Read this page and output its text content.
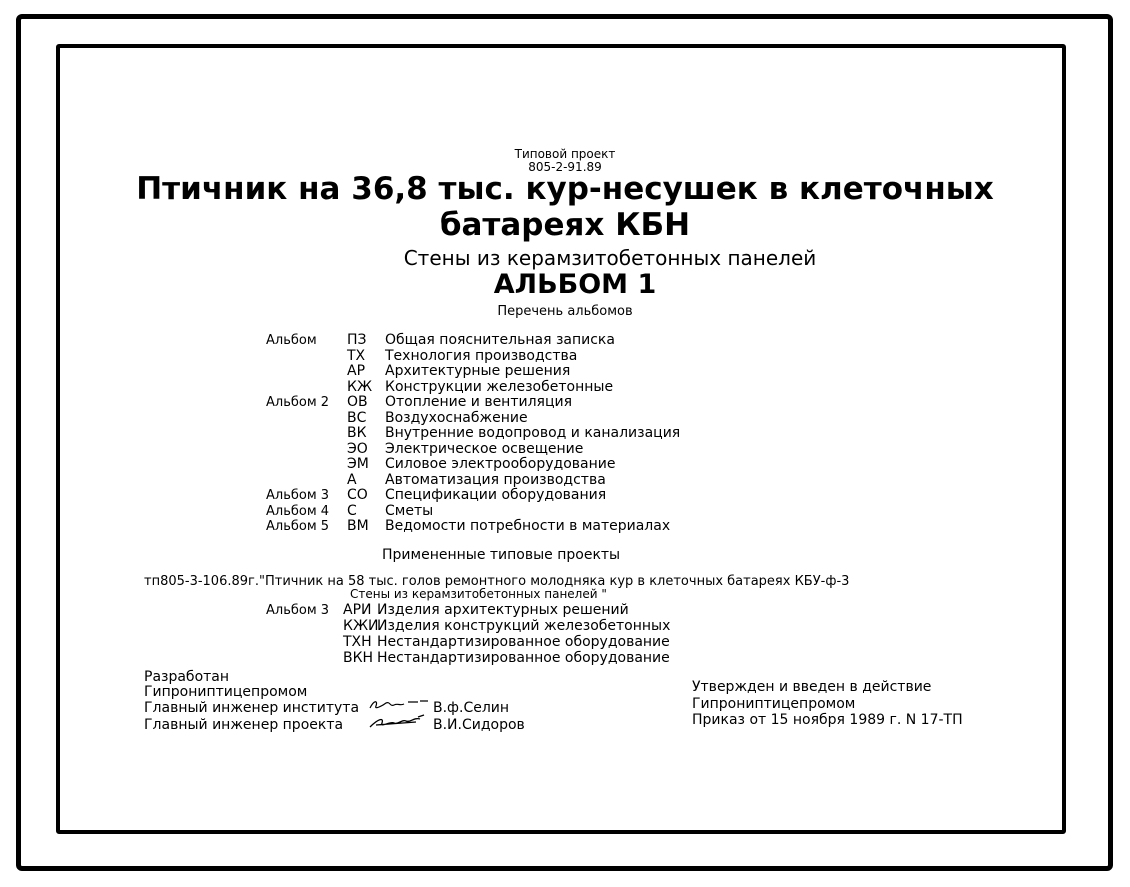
Типовой проект
805-2-91.89
Птичник на 36,8 тыс. кур-несушек в клеточных
батареях КБН
Стены из керамзитобетонных панелей
АЛЬБОМ 1
Перечень альбомов
Альбом ПЗ Общая пояснительная записка
ТХ Технология производства
АР Архитектурные решения
КЖ Конструкции железобетонные
Альбом 2 ОВ Отопление и вентиляция
ВС Воздухоснабжение
ВК Внутренние водопровод и канализация
ЭО Электрическое освещение
ЭМ Силовое электрооборудование
А Автоматизация производства
Альбом 3 СО Спецификации оборудования
Альбом 4 С Сметы
Альбом 5 ВМ Ведомости потребности в материалах
Примененные типовые проекты
тп805-3-106.89г."Птичник на 58 тыс. голов ремонтного молодняка кур в клеточных батареях КБУ-ф-3
Стены из керамзитобетонных панелей "
Альбом 3 АРИ Изделия архитектурных решений
КЖИ
Изделия конструкций железобетонных
ТХН Нестандартизированное оборудование
ВКН Нестандартизированное оборудование
Разработан
Гипрониптицепромом
Главный инженер института	В.ф.Селин
Главный инженер проекта	В.И.Сидоров
Утвержден и введен в действие
Гипрониптицепромом
Приказ от 15 ноября 1989 г. N 17-ТП
